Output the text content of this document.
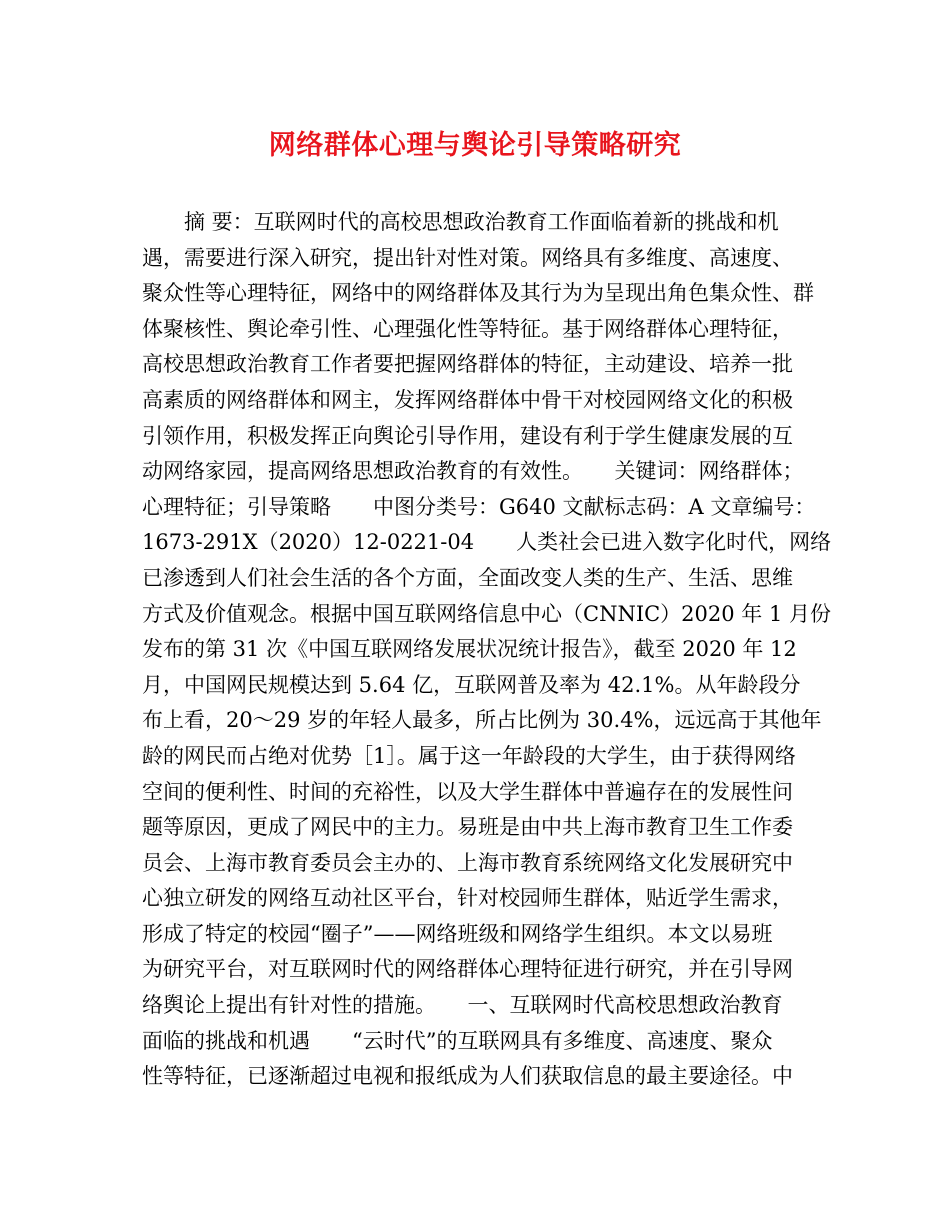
网络群体心理与舆论引导策略研究
摘 要：互联网时代的高校思想政治教育工作面临着新的挑战和机
遇，需要进行深入研究，提出针对性对策。网络具有多维度、高速度、
聚众性等心理特征，网络中的网络群体及其行为为呈现出角色集众性、群
体聚核性、舆论牵引性、心理强化性等特征。基于网络群体心理特征，
高校思想政治教育工作者要把握网络群体的特征，主动建设、培养一批
高素质的网络群体和网主，发挥网络群体中骨干对校园网络文化的积极
引领作用，积极发挥正向舆论引导作用，建设有利于学生健康发展的互
动网络家园，提高网络思想政治教育的有效性。　　关键词：网络群体；
心理特征；引导策略　　中图分类号：G640 文献标志码：A 文章编号：
1673-291X（2020）12-0221-04　　人类社会已进入数字化时代，网络
已渗透到人们社会生活的各个方面，全面改变人类的生产、生活、思维
方式及价值观念。根据中国互联网络信息中心（CNNIC）2020 年 1 月份
发布的第 31 次《中国互联网络发展状况统计报告》，截至 2020 年 12
月，中国网民规模达到 5.64 亿，互联网普及率为 42.1%。从年龄段分
布上看，20～29 岁的年轻人最多，所占比例为 30.4%，远远高于其他年
龄的网民而占绝对优势［1］。属于这一年龄段的大学生，由于获得网络
空间的便利性、时间的充裕性，以及大学生群体中普遍存在的发展性问
题等原因，更成了网民中的主力。易班是由中共上海市教育卫生工作委
员会、上海市教育委员会主办的、上海市教育系统网络文化发展研究中
心独立研发的网络互动社区平台，针对校园师生群体，贴近学生需求，
形成了特定的校园“圈子”——网络班级和网络学生组织。本文以易班
为研究平台，对互联网时代的网络群体心理特征进行研究，并在引导网
络舆论上提出有针对性的措施。　　一、互联网时代高校思想政治教育
面临的挑战和机遇　　“云时代”的互联网具有多维度、高速度、聚众
性等特征，已逐渐超过电视和报纸成为人们获取信息的最主要途径。中
